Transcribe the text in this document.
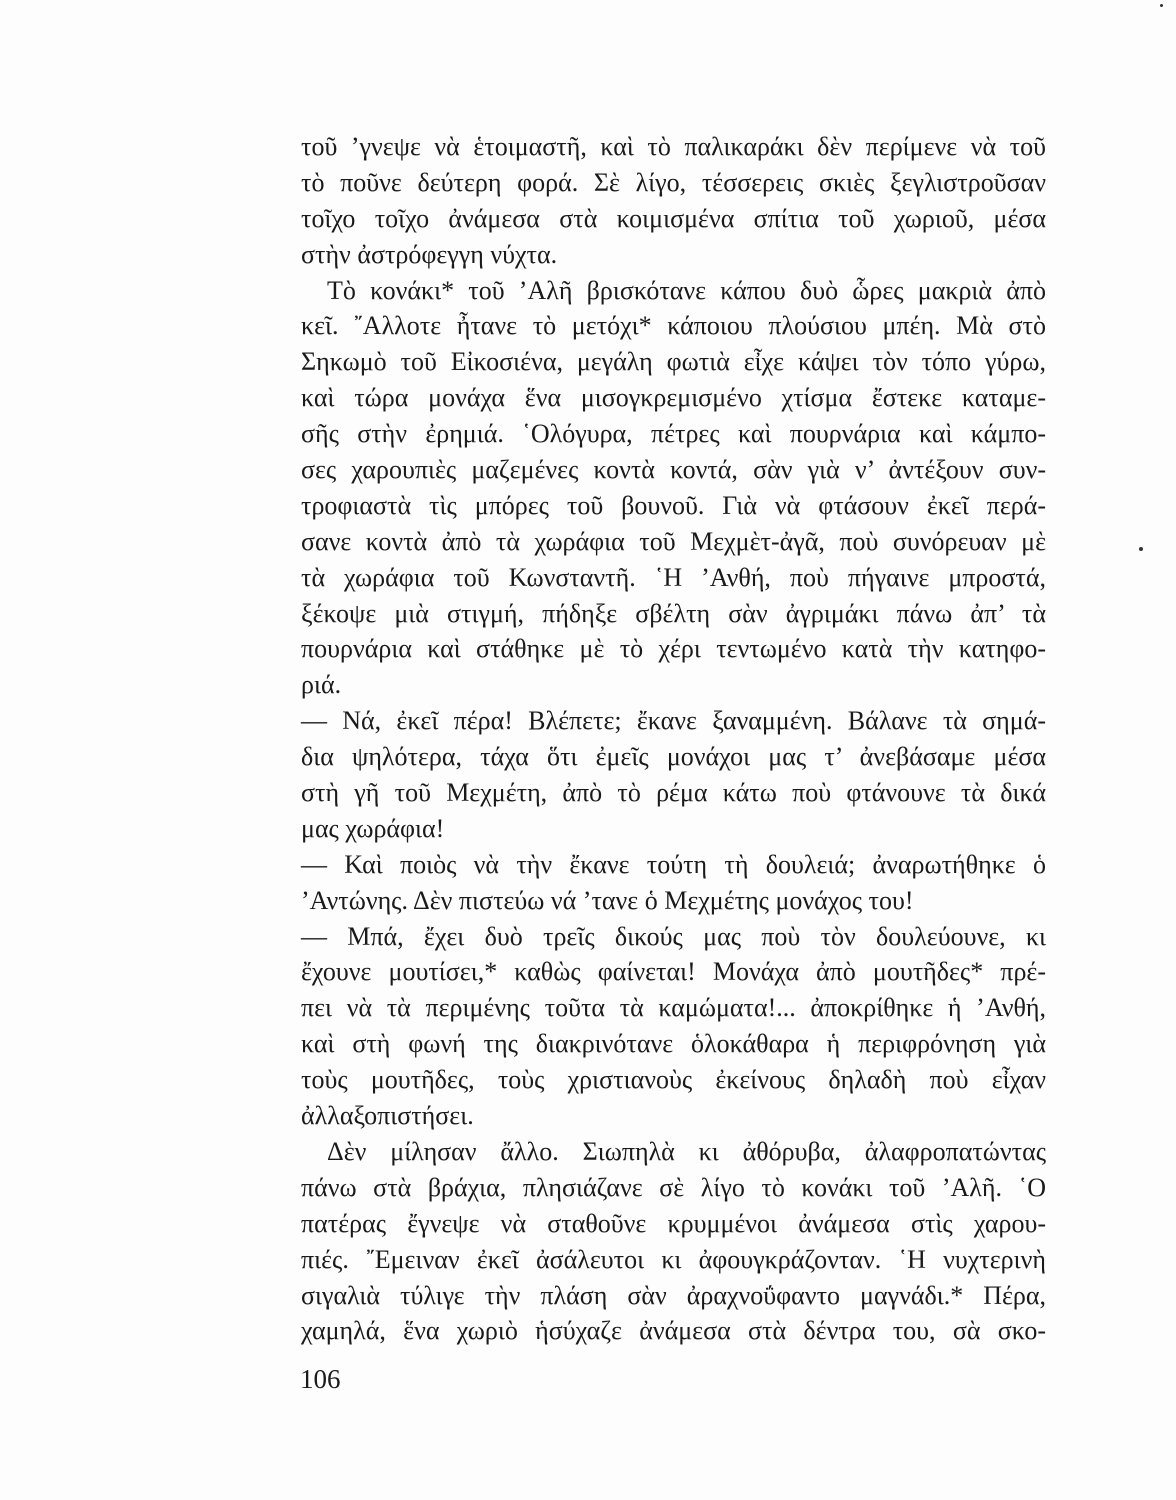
τοῦ ’γνεψε νὰ ἑτοιμαστῆ, καὶ τὸ παλικαράκι δὲν περίμενε νὰ τοῦ
τὸ ποῦνε δεύτερη φορά. Σὲ λίγο, τέσσερεις σκιὲς ξεγλιστροῦσαν
τοῖχο τοῖχο ἀνάμεσα στὰ κοιμισμένα σπίτια τοῦ χωριοῦ, μέσα
στὴν ἀστρόφεγγη νύχτα.
Τὸ κονάκι* τοῦ ’Αλῆ βρισκότανε κάπου δυὸ ὧρες μακριὰ ἀπὸ
κεῖ. ῎Αλλοτε ἦτανε τὸ μετόχι* κάποιου πλούσιου μπέη. Μὰ στὸ
Σηκωμὸ τοῦ Εἰκοσιένα, μεγάλη φωτιὰ εἶχε κάψει τὸν τόπο γύρω,
καὶ τώρα μονάχα ἕνα μισογκρεμισμένο χτίσμα ἔστεκε καταμε-
σῆς στὴν ἐρημιά. ῾Ολόγυρα, πέτρες καὶ πουρνάρια καὶ κάμπο-
σες χαρουπιὲς μαζεμένες κοντὰ κοντά, σὰν γιὰ ν’ ἀντέξουν συν-
τροφιαστὰ τὶς μπόρες τοῦ βουνοῦ. Γιὰ νὰ φτάσουν ἐκεῖ περά-
σανε κοντὰ ἀπὸ τὰ χωράφια τοῦ Μεχμὲτ-ἀγᾶ, ποὺ συνόρευαν μὲ
τὰ χωράφια τοῦ Κωνσταντῆ. ῾Η ’Ανθή, ποὺ πήγαινε μπροστά,
ξέκοψε μιὰ στιγμή, πήδηξε σβέλτη σὰν ἀγριμάκι πάνω ἀπ’ τὰ
πουρνάρια καὶ στάθηκε μὲ τὸ χέρι τεντωμένο κατὰ τὴν κατηφο-
ριά.
— Νά, ἐκεῖ πέρα! Βλέπετε; ἔκανε ξαναμμένη. Βάλανε τὰ σημά-
δια ψηλότερα, τάχα ὅτι ἐμεῖς μονάχοι μας τ’ ἀνεβάσαμε μέσα
στὴ γῆ τοῦ Μεχμέτη, ἀπὸ τὸ ρέμα κάτω ποὺ φτάνουνε τὰ δικά
μας χωράφια!
— Καὶ ποιὸς νὰ τὴν ἔκανε τούτη τὴ δουλειά; ἀναρωτήθηκε ὁ
’Αντώνης. Δὲν πιστεύω νά ’τανε ὁ Μεχμέτης μονάχος του!
— Μπά, ἔχει δυὸ τρεῖς δικούς μας ποὺ τὸν δουλεύουνε, κι
ἔχουνε μουτίσει,* καθὼς φαίνεται! Μονάχα ἀπὸ μουτῆδες* πρέ-
πει νὰ τὰ περιμένης τοῦτα τὰ καμώματα!... ἀποκρίθηκε ἡ ’Ανθή,
καὶ στὴ φωνή της διακρινότανε ὁλοκάθαρα ἡ περιφρόνηση γιὰ
τοὺς μουτῆδες, τοὺς χριστιανοὺς ἐκείνους δηλαδὴ ποὺ εἶχαν
ἀλλαξοπιστήσει.
Δὲν μίλησαν ἄλλο. Σιωπηλὰ κι ἀθόρυβα, ἀλαφροπατώντας
πάνω στὰ βράχια, πλησιάζανε σὲ λίγο τὸ κονάκι τοῦ ’Αλῆ. ῾Ο
πατέρας ἔγνεψε νὰ σταθοῦνε κρυμμένοι ἀνάμεσα στὶς χαρου-
πιές. ῎Εμειναν ἐκεῖ ἀσάλευτοι κι ἀφουγκράζονταν. ῾Η νυχτερινὴ
σιγαλιὰ τύλιγε τὴν πλάση σὰν ἀραχνοΰφαντο μαγνάδι.* Πέρα,
χαμηλά, ἕνα χωριὸ ἡσύχαζε ἀνάμεσα στὰ δέντρα του, σὰ σκο-
106
